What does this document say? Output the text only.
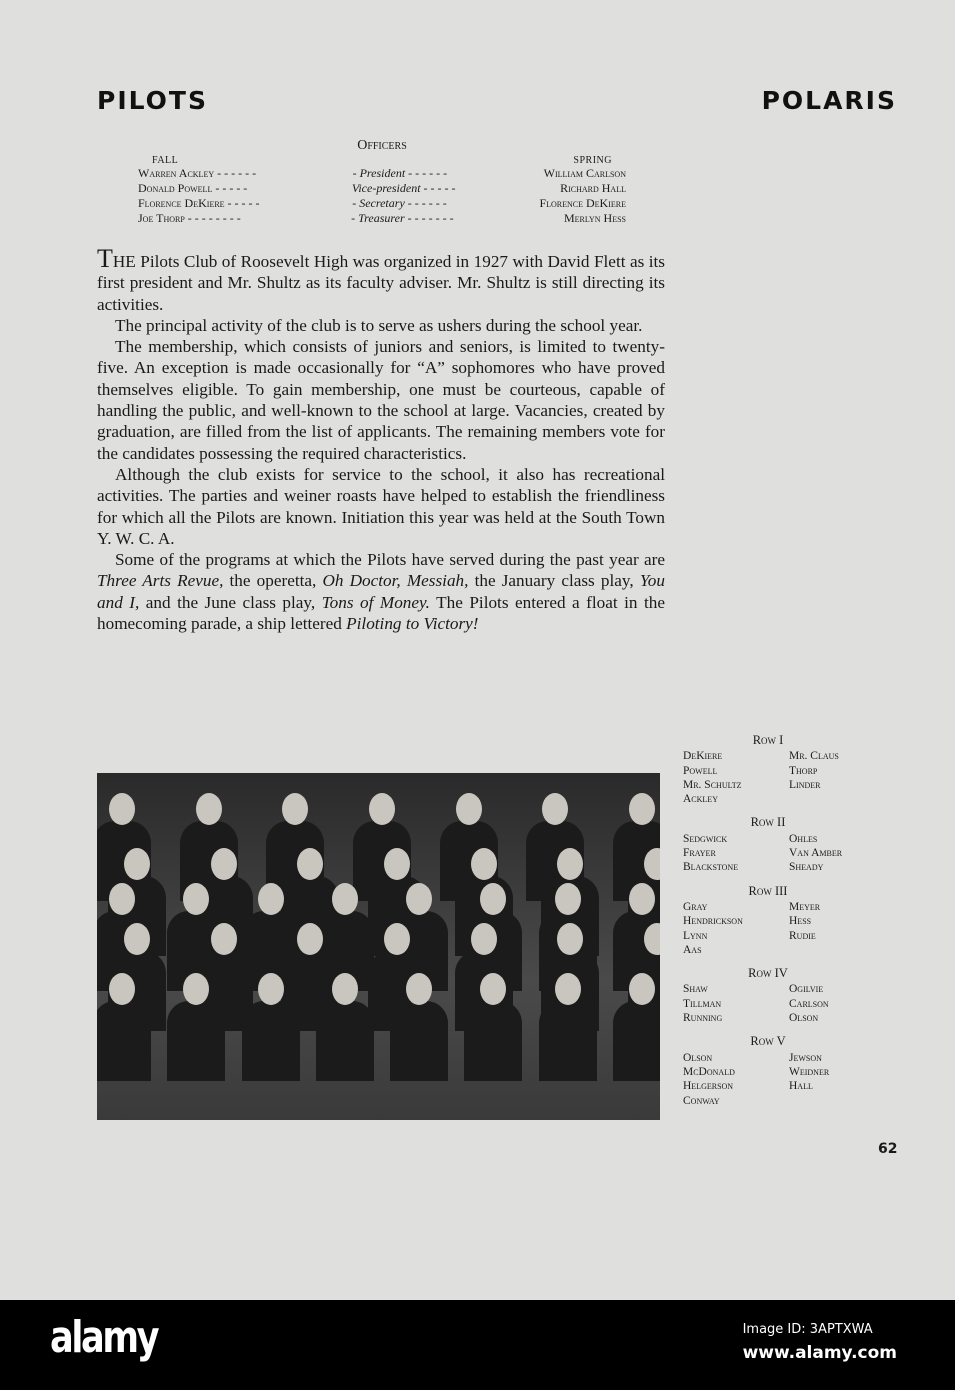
PILOTS	POLARIS
Officers
FALL	SPRING
Warren Ackley - - - - - -	- President - - - - - -	William Carlson
Donald Powell - - - - -	Vice-president - - - - -	Richard Hall
Florence DeKiere - - - - -	- Secretary - - - - - -	Florence DeKiere
Joe Thorp - - - - - - - -	- Treasurer - - - - - - -	Merlyn Hess

THE Pilots Club of Roosevelt High was organized in 1927 with David Flett as its first president and Mr. Shultz as its faculty adviser. Mr. Shultz is still directing its activities.

The principal activity of the club is to serve as ushers during the school year.

The membership, which consists of juniors and seniors, is limited to twenty-five. An exception is made occasionally for “A” sophomores who have proved themselves eligible. To gain membership, one must be courteous, capable of handling the public, and well-known to the school at large. Vacancies, created by graduation, are filled from the list of applicants. The remaining members vote for the candidates possessing the required characteristics.

Although the club exists for service to the school, it also has recreational activities. The parties and weiner roasts have helped to establish the friendliness for which all the Pilots are known. Initiation this year was held at the South Town Y. W. C. A.

Some of the programs at which the Pilots have served during the past year are Three Arts Revue, the operetta, Oh Doctor, Messiah, the January class play, You and I, and the June class play, Tons of Money. The Pilots entered a float in the homecoming parade, a ship lettered Piloting to Victory!

Row I
DeKiere	Mr. Claus
Powell	Thorp
Mr. Schultz	Linder
Ackley
Row II
Sedgwick	Ohles
Frayer	Van Amber
Blackstone	Sheady
Row III
Gray	Meyer
Hendrickson	Hess
Lynn	Rudie
Aas
Row IV
Shaw	Ogilvie
Tillman	Carlson
Running	Olson
Row V
Olson	Jewson
McDonald	Weidner
Helgerson	Hall
Conway
62
alamy	Image ID: 3APTXWA
www.alamy.com
